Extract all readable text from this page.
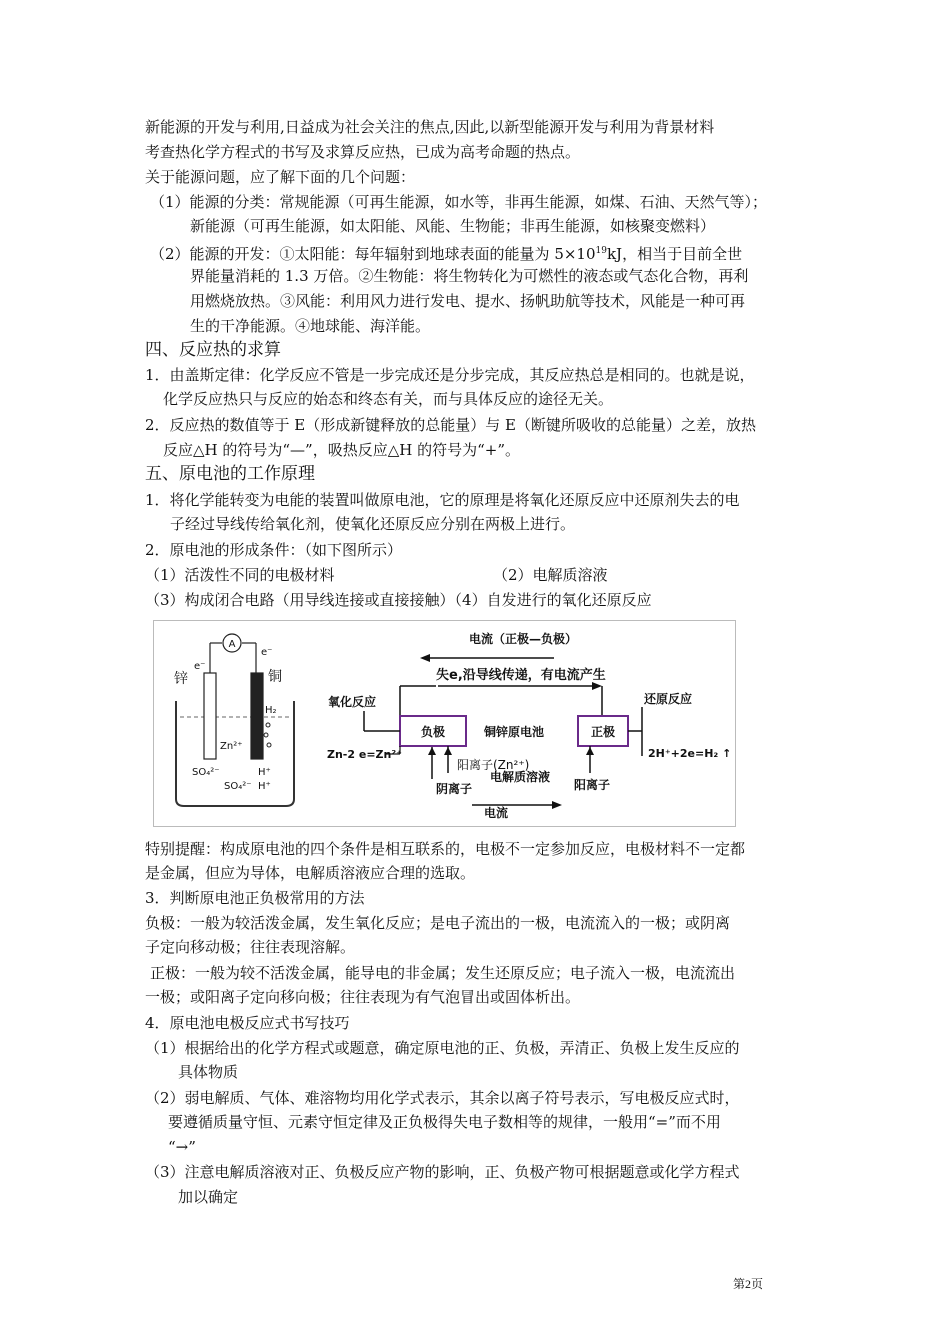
新能源的开发与利用,日益成为社会关注的焦点,因此,以新型能源开发与利用为背景材料
考查热化学方程式的书写及求算反应热，已成为高考命题的热点。
关于能源问题，应了解下面的几个问题：
（1）能源的分类：常规能源（可再生能源，如水等，非再生能源，如煤、石油、天然气等）；
新能源（可再生能源，如太阳能、风能、生物能；非再生能源，如核聚变燃料）
（2）能源的开发：①太阳能：每年辐射到地球表面的能量为 $5\times 10^{19}kJ$，相当于目前全世
界能量消耗的 1.3 万倍。②生物能：将生物转化为可燃性的液态或气态化合物，再利
用燃烧放热。③风能：利用风力进行发电、提水、扬帆助航等技术，风能是一种可再
生的干净能源。④地球能、海洋能。
四、反应热的求算
1．由盖斯定律：化学反应不管是一步完成还是分步完成，其反应热总是相同的。也就是说，
化学反应热只与反应的始态和终态有关，而与具体反应的途径无关。
2．反应热的数值等于 E（形成新键释放的总能量）与 E（断键所吸收的总能量）之差，放热
反应△H 的符号为“—”，吸热反应△H 的符号为“+”。
五、原电池的工作原理
1．将化学能转变为电能的装置叫做原电池，它的原理是将氧化还原反应中还原剂失去的电
子经过导线传给氧化剂，使氧化还原反应分别在两极上进行。
2．原电池的形成条件：（如下图所示）
（1）活泼性不同的电极材料	（2）电解质溶液
（3）构成闭合电路（用导线连接或直接接触）（4）自发进行的氧化还原反应
A
e⁻
e⁻
锌	铜
H₂
Zn²⁺
SO₄²⁻
SO₄²⁻
H⁺
H⁺
电流（正极—负极）
失e,沿导线传递，有电流产生
负极	正极
氧化反应	还原反应
铜锌原电池
Zn-2 e=Zn²⁺	2H⁺+2e=H₂ ↑
阳离子(Zn²⁺)
电解质溶液
阴离子	阳离子
电流
特别提醒：构成原电池的四个条件是相互联系的，电极不一定参加反应，电极材料不一定都
是金属，但应为导体，电解质溶液应合理的选取。
3．判断原电池正负极常用的方法
负极：一般为较活泼金属，发生氧化反应；是电子流出的一极，电流流入的一极；或阴离
子定向移动极；往往表现溶解。
正极：一般为较不活泼金属，能导电的非金属；发生还原反应；电子流入一极，电流流出
一极；或阳离子定向移向极；往往表现为有气泡冒出或固体析出。
4．原电池电极反应式书写技巧
（1）根据给出的化学方程式或题意，确定原电池的正、负极，弄清正、负极上发生反应的
具体物质
（2）弱电解质、气体、难溶物均用化学式表示，其余以离子符号表示，写电极反应式时，
要遵循质量守恒、元素守恒定律及正负极得失电子数相等的规律，一般用“=”而不用
“→”
（3）注意电解质溶液对正、负极反应产物的影响，正、负极产物可根据题意或化学方程式
加以确定
第2页
